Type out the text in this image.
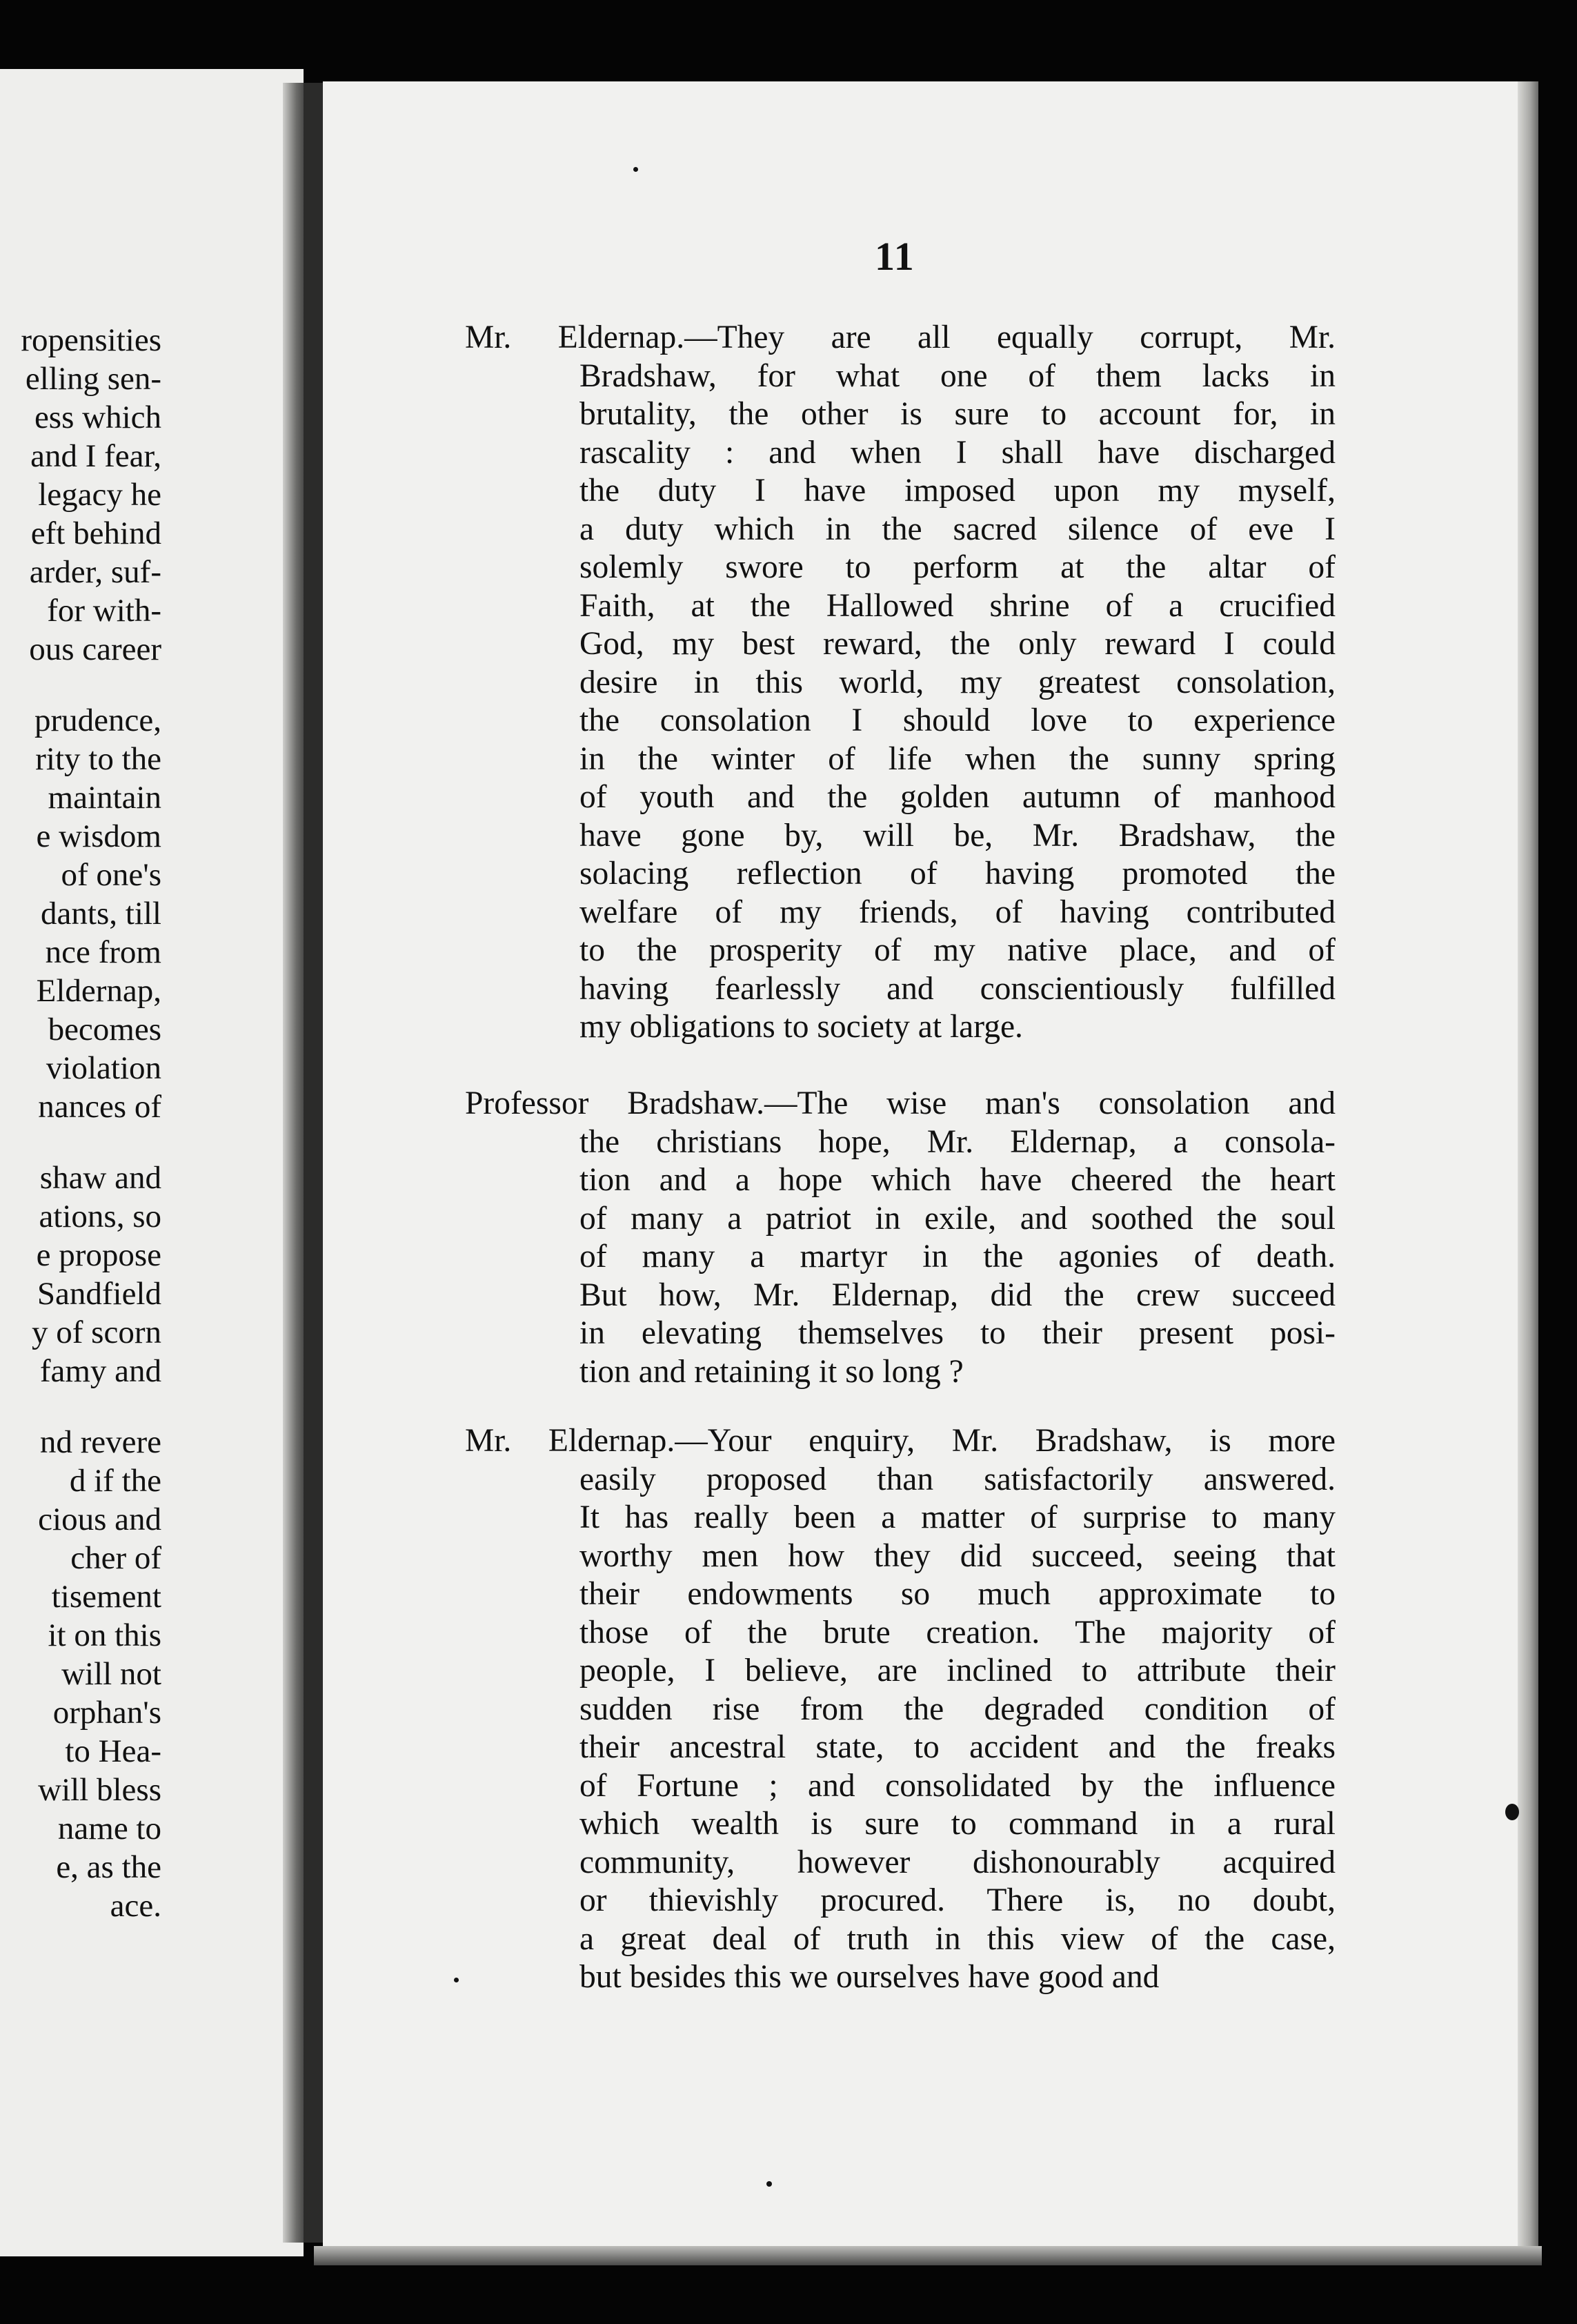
ropensities
elling sen-
ess which
and I fear,
legacy he
eft behind
arder, suf-
for with-
ous career
prudence,
rity to the
maintain
e wisdom
of one's
dants, till
nce from
Eldernap,
becomes
violation
nances of
shaw and
ations, so
e propose
Sandfield
y of scorn
famy and
nd revere
d if the
cious and
cher of
tisement
it on this
will not
orphan's
to Hea-
will bless
name to
e, as the
ace.
11
Mr. Eldernap.—They are all equally corrupt, Mr.
Bradshaw, for what one of them lacks in
brutality, the other is sure to account for, in
rascality : and when I shall have discharged
the duty I have imposed upon my myself,
a duty which in the sacred silence of eve I
solemly swore to perform at the altar of
Faith, at the Hallowed shrine of a crucified
God, my best reward, the only reward I could
desire in this world, my greatest consolation,
the consolation I should love to experience
in the winter of life when the sunny spring
of youth and the golden autumn of manhood
have gone by, will be, Mr. Bradshaw, the
solacing reflection of having promoted the
welfare of my friends, of having contributed
to the prosperity of my native place, and of
having fearlessly and conscientiously fulfilled
my obligations to society at large.
Professor Bradshaw.—The wise man's consolation and
the christians hope, Mr. Eldernap, a consola-
tion and a hope which have cheered the heart
of many a patriot in exile, and soothed the soul
of many a martyr in the agonies of death.
But how, Mr. Eldernap, did the crew succeed
in elevating themselves to their present posi-
tion and retaining it so long ?
Mr. Eldernap.—Your enquiry, Mr. Bradshaw, is more
easily proposed than satisfactorily answered.
It has really been a matter of surprise to many
worthy men how they did succeed, seeing that
their endowments so much approximate to
those of the brute creation. The majority of
people, I believe, are inclined to attribute their
sudden rise from the degraded condition of
their ancestral state, to accident and the freaks
of Fortune ; and consolidated by the influence
which wealth is sure to command in a rural
community, however dishonourably acquired
or thievishly procured. There is, no doubt,
a great deal of truth in this view of the case,
but besides this we ourselves have good and
